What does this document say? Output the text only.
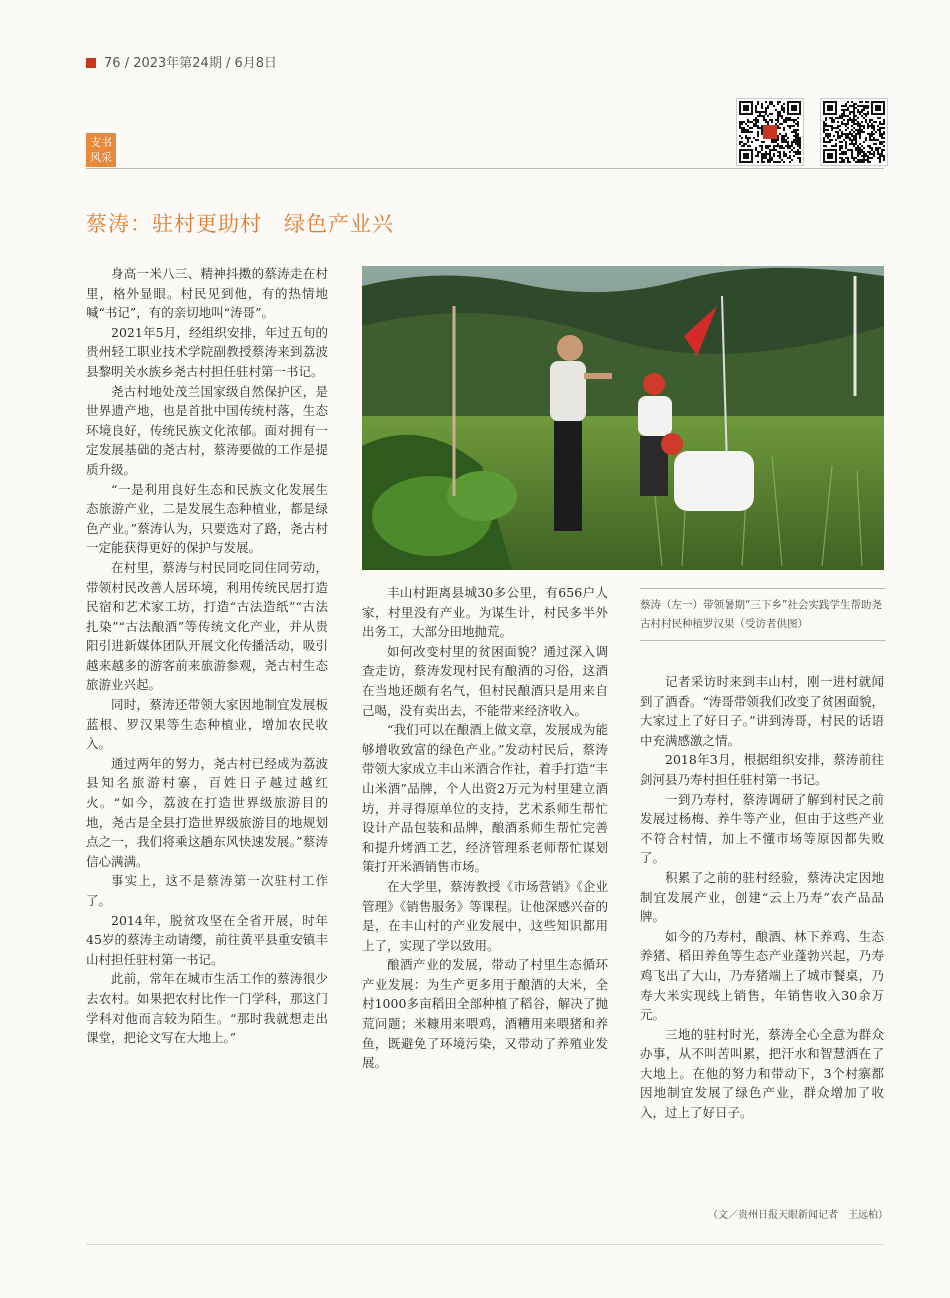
76 / 2023年第24期 / 6月8日
支书
风采
蔡涛：驻村更助村　绿色产业兴

身高一米八三、精神抖擞的蔡涛走在村里，格外显眼。村民见到他，有的热情地喊“书记”，有的亲切地叫“涛哥”。

2021年5月，经组织安排，年过五旬的贵州轻工职业技术学院副教授蔡涛来到荔波县黎明关水族乡尧古村担任驻村第一书记。

尧古村地处茂兰国家级自然保护区，是世界遗产地，也是首批中国传统村落，生态环境良好，传统民族文化浓郁。面对拥有一定发展基础的尧古村，蔡涛要做的工作是提质升级。

“一是利用良好生态和民族文化发展生态旅游产业，二是发展生态种植业，都是绿色产业。”蔡涛认为，只要选对了路，尧古村一定能获得更好的保护与发展。

在村里，蔡涛与村民同吃同住同劳动，带领村民改善人居环境，利用传统民居打造民宿和艺术家工坊，打造“古法造纸”“古法扎染”“古法酿酒”等传统文化产业，并从贵阳引进新媒体团队开展文化传播活动，吸引越来越多的游客前来旅游参观，尧古村生态旅游业兴起。

同时，蔡涛还带领大家因地制宜发展板蓝根、罗汉果等生态种植业，增加农民收入。

通过两年的努力，尧古村已经成为荔波县知名旅游村寨，百姓日子越过越红火。“如今，荔波在打造世界级旅游目的地，尧古是全县打造世界级旅游目的地规划点之一，我们将乘这趟东风快速发展。”蔡涛信心满满。

事实上，这不是蔡涛第一次驻村工作了。

2014年，脱贫攻坚在全省开展，时年45岁的蔡涛主动请缨，前往黄平县重安镇丰山村担任驻村第一书记。

此前，常年在城市生活工作的蔡涛很少去农村。如果把农村比作一门学科，那这门学科对他而言较为陌生。“那时我就想走出课堂，把论文写在大地上。”

蔡涛（左一）带领暑期“三下乡”社会实践学生帮助尧古村村民种植罗汉果（受访者供图）

丰山村距离县城30多公里，有656户人家，村里没有产业。为谋生计，村民多半外出务工，大部分田地抛荒。

如何改变村里的贫困面貌？通过深入调查走访，蔡涛发现村民有酿酒的习俗，这酒在当地还颇有名气，但村民酿酒只是用来自己喝，没有卖出去，不能带来经济收入。

“我们可以在酿酒上做文章，发展成为能够增收致富的绿色产业。”发动村民后，蔡涛带领大家成立丰山米酒合作社，着手打造“丰山米酒”品牌，个人出资2万元为村里建立酒坊，并寻得原单位的支持，艺术系师生帮忙设计产品包装和品牌，酿酒系师生帮忙完善和提升烤酒工艺，经济管理系老师帮忙谋划策打开米酒销售市场。

在大学里，蔡涛教授《市场营销》《企业管理》《销售服务》等课程。让他深感兴奋的是，在丰山村的产业发展中，这些知识都用上了，实现了学以致用。

酿酒产业的发展，带动了村里生态循环产业发展：为生产更多用于酿酒的大米，全村1000多亩稻田全部种植了稻谷，解决了抛荒问题；米糠用来喂鸡，酒糟用来喂猪和养鱼，既避免了环境污染，又带动了养殖业发展。

记者采访时来到丰山村，刚一进村就闻到了酒香。“涛哥带领我们改变了贫困面貌，大家过上了好日子。”讲到涛哥，村民的话语中充满感激之情。

2018年3月，根据组织安排，蔡涛前往剑河县乃寿村担任驻村第一书记。

一到乃寿村，蔡涛调研了解到村民之前发展过杨梅、养牛等产业，但由于这些产业不符合村情，加上不懂市场等原因都失败了。

积累了之前的驻村经验，蔡涛决定因地制宜发展产业，创建“云上乃寿”农产品品牌。

如今的乃寿村，酿酒、林下养鸡、生态养猪、稻田养鱼等生态产业蓬勃兴起，乃寿鸡飞出了大山，乃寿猪端上了城市餐桌，乃寿大米实现线上销售，年销售收入30余万元。

三地的驻村时光，蔡涛全心全意为群众办事，从不叫苦叫累，把汗水和智慧洒在了大地上。在他的努力和带动下，3个村寨都因地制宜发展了绿色产业，群众增加了收入，过上了好日子。

（文／贵州日报天眼新闻记者　王远柏）
